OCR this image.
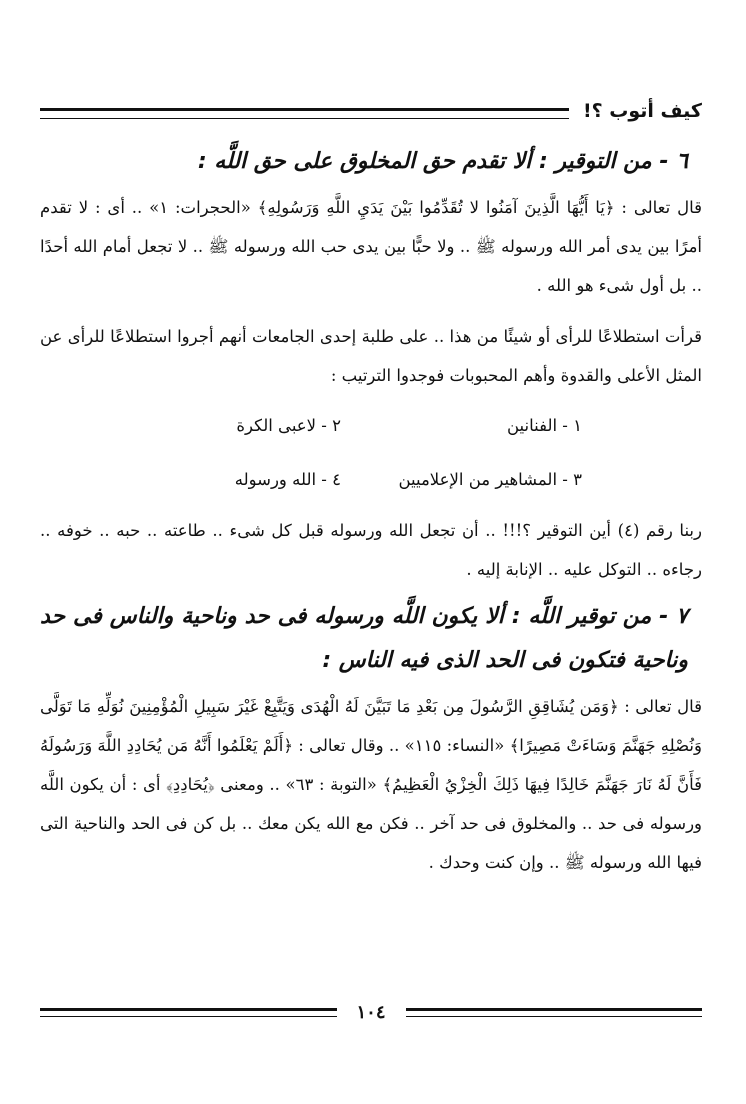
كيف أتوب ؟!
٦ - من التوقير : ألا تقدم حق المخلوق على حق اللَّه :

قال تعالى : ﴿يَا أَيُّهَا الَّذِينَ آمَنُوا لا تُقَدِّمُوا بَيْنَ يَدَيِ اللَّهِ وَرَسُولِهِ﴾ «الحجرات: ١» .. أى : لا تقدم أمرًا بين يدى أمر الله ورسوله ﷺ .. ولا حبًّا بين يدى حب الله ورسوله ﷺ .. لا تجعل أمام الله أحدًا .. بل أول شىء هو الله .

قرأت استطلاعًا للرأى أو شيئًا من هذا .. على طلبة إحدى الجامعات أنهم أجروا استطلاعًا للرأى عن المثل الأعلى والقدوة وأهم المحبوبات فوجدوا الترتيب :

١ - الفنانين
٢ - لاعبى الكرة
٣ - المشاهير من الإعلاميين
٤ - الله ورسوله

ربنا رقم (٤) أين التوقير ؟!!! .. أن تجعل الله ورسوله قبل كل شىء .. طاعته .. حبه .. خوفه .. رجاءه .. التوكل عليه .. الإنابة إليه .

٧ - من توقير اللَّه : ألا يكون اللَّه ورسوله فى حد وناحية والناس فى حد وناحية فتكون فى الحد الذى فيه الناس :

قال تعالى : ﴿وَمَن يُشَاقِقِ الرَّسُولَ مِن بَعْدِ مَا تَبَيَّنَ لَهُ الْهُدَى وَيَتَّبِعْ غَيْرَ سَبِيلِ الْمُؤْمِنِينَ نُوَلِّهِ مَا تَوَلَّى وَنُصْلِهِ جَهَنَّمَ وَسَاءَتْ مَصِيرًا﴾ «النساء: ١١٥» .. وقال تعالى : ﴿أَلَمْ يَعْلَمُوا أَنَّهُ مَن يُحَادِدِ اللَّهَ وَرَسُولَهُ فَأَنَّ لَهُ نَارَ جَهَنَّمَ خَالِدًا فِيهَا ذَلِكَ الْخِزْيُ الْعَظِيمُ﴾ «التوبة : ٦٣» .. ومعنى ﴿يُحَادِدِ﴾ أى : أن يكون اللَّه ورسوله فى حد .. والمخلوق فى حد آخر .. فكن مع الله يكن معك .. بل كن فى الحد والناحية التى فيها الله ورسوله ﷺ .. وإن كنت وحدك .

١٠٤
